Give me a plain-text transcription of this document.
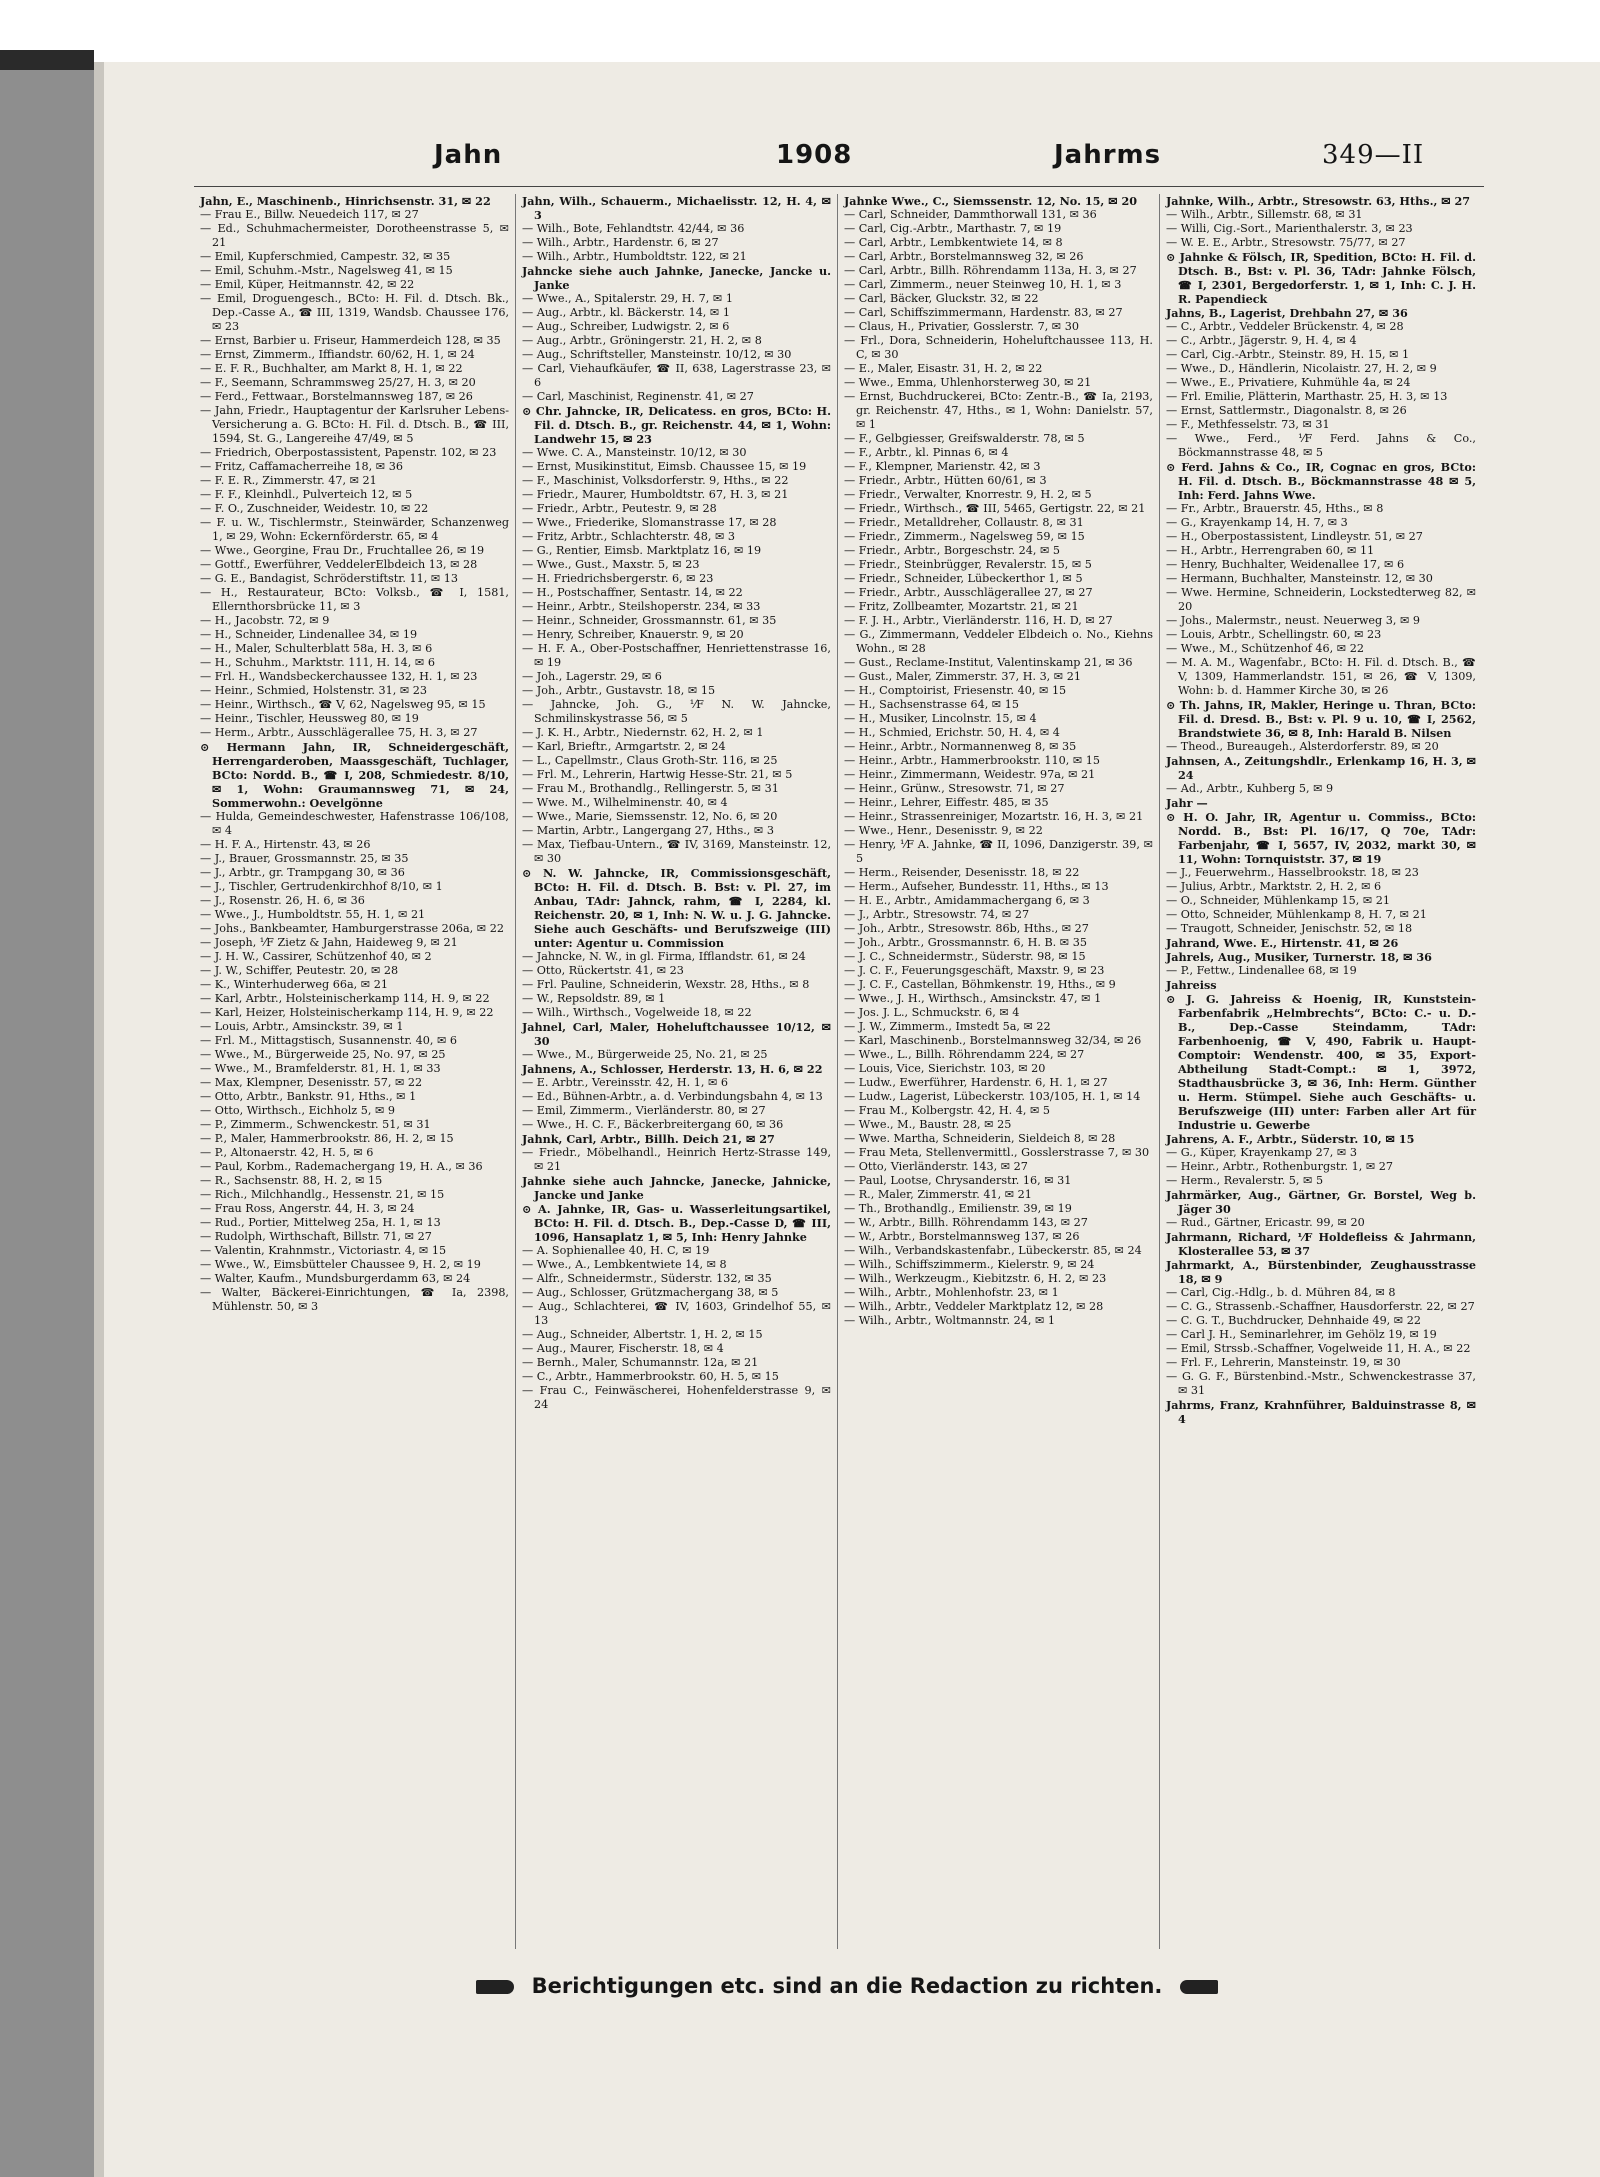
Jahn	1908	Jahrms	349—II

Jahn, E., Maschinenb., Hinrichsenstr. 31, ✉ 22

— Frau E., Billw. Neuedeich 117, ✉ 27

— Ed., Schuhmachermeister, Dorotheenstrasse 5, ✉ 21

— Emil, Kupferschmied, Campestr. 32, ✉ 35

— Emil, Schuhm.-Mstr., Nagelsweg 41, ✉ 15

— Emil, Küper, Heitmannstr. 42, ✉ 22

— Emil, Droguengesch., BCto: H. Fil. d. Dtsch. Bk., Dep.-Casse A., ☎ III, 1319, Wandsb. Chaussee 176, ✉ 23

— Ernst, Barbier u. Friseur, Hammerdeich 128, ✉ 35

— Ernst, Zimmerm., Iffiandstr. 60/62, H. 1, ✉ 24

— E. F. R., Buchhalter, am Markt 8, H. 1, ✉ 22

— F., Seemann, Schrammsweg 25/27, H. 3, ✉ 20

— Ferd., Fettwaar., Borstelmannsweg 187, ✉ 26

— Jahn, Friedr., Hauptagentur der Karlsruher Lebens-Versicherung a. G. BCto: H. Fil. d. Dtsch. B., ☎ III, 1594, St. G., Langereihe 47/49, ✉ 5

— Friedrich, Oberpostassistent, Papenstr. 102, ✉ 23

— Fritz, Caffamacherreihe 18, ✉ 36

— F. E. R., Zimmerstr. 47, ✉ 21

— F. F., Kleinhdl., Pulverteich 12, ✉ 5

— F. O., Zuschneider, Weidestr. 10, ✉ 22

— F. u. W., Tischlermstr., Steinwärder, Schanzenweg 1, ✉ 29, Wohn: Eckernförderstr. 65, ✉ 4

— Wwe., Georgine, Frau Dr., Fruchtallee 26, ✉ 19

— Gottf., Ewerführer, VeddelerElbdeich 13, ✉ 28

— G. E., Bandagist, Schröderstiftstr. 11, ✉ 13

— H., Restaurateur, BCto: Volksb., ☎ I, 1581, Ellernthorsbrücke 11, ✉ 3

— H., Jacobstr. 72, ✉ 9

— H., Schneider, Lindenallee 34, ✉ 19

— H., Maler, Schulterblatt 58a, H. 3, ✉ 6

— H., Schuhm., Marktstr. 111, H. 14, ✉ 6

— Frl. H., Wandsbeckerchaussee 132, H. 1, ✉ 23

— Heinr., Schmied, Holstenstr. 31, ✉ 23

— Heinr., Wirthsch., ☎ V, 62, Nagelsweg 95, ✉ 15

— Heinr., Tischler, Heussweg 80, ✉ 19

— Herm., Arbtr., Ausschlägerallee 75, H. 3, ✉ 27

⊙ Hermann Jahn, IR, Schneidergeschäft, Herrengarderoben, Maassgeschäft, Tuchlager, BCto: Nordd. B., ☎ I, 208, Schmiedestr. 8/10, ✉ 1, Wohn: Graumannsweg 71, ✉ 24, Sommerwohn.: Oevelgönne

— Hulda, Gemeindeschwester, Hafenstrasse 106/108, ✉ 4

— H. F. A., Hirtenstr. 43, ✉ 26

— J., Brauer, Grossmannstr. 25, ✉ 35

— J., Arbtr., gr. Trampgang 30, ✉ 36

— J., Tischler, Gertrudenkirchhof 8/10, ✉ 1

— J., Rosenstr. 26, H. 6, ✉ 36

— Wwe., J., Humboldtstr. 55, H. 1, ✉ 21

— Johs., Bankbeamter, Hamburgerstrasse 206a, ✉ 22

— Joseph, ⅟F Zietz & Jahn, Haideweg 9, ✉ 21

— J. H. W., Cassirer, Schützenhof 40, ✉ 2

— J. W., Schiffer, Peutestr. 20, ✉ 28

— K., Winterhuderweg 66a, ✉ 21

— Karl, Arbtr., Holsteinischerkamp 114, H. 9, ✉ 22

— Karl, Heizer, Holsteinischerkamp 114, H. 9, ✉ 22

— Louis, Arbtr., Amsinckstr. 39, ✉ 1

— Frl. M., Mittagstisch, Susannenstr. 40, ✉ 6

— Wwe., M., Bürgerweide 25, No. 97, ✉ 25

— Wwe., M., Bramfelderstr. 81, H. 1, ✉ 33

— Max, Klempner, Desenisstr. 57, ✉ 22

— Otto, Arbtr., Bankstr. 91, Hths., ✉ 1

— Otto, Wirthsch., Eichholz 5, ✉ 9

— P., Zimmerm., Schwenckestr. 51, ✉ 31

— P., Maler, Hammerbrookstr. 86, H. 2, ✉ 15

— P., Altonaerstr. 42, H. 5, ✉ 6

— Paul, Korbm., Rademachergang 19, H. A., ✉ 36

— R., Sachsenstr. 88, H. 2, ✉ 15

— Rich., Milchhandlg., Hessenstr. 21, ✉ 15

— Frau Ross, Angerstr. 44, H. 3, ✉ 24

— Rud., Portier, Mittelweg 25a, H. 1, ✉ 13

— Rudolph, Wirthschaft, Billstr. 71, ✉ 27

— Valentin, Krahnmstr., Victoriastr. 4, ✉ 15

— Wwe., W., Eimsbütteler Chaussee 9, H. 2, ✉ 19

— Walter, Kaufm., Mundsburgerdamm 63, ✉ 24

— Walter, Bäckerei-Einrichtungen, ☎ Ia, 2398, Mühlenstr. 50, ✉ 3

Jahn, Wilh., Schauerm., Michaelisstr. 12, H. 4, ✉ 3

— Wilh., Bote, Fehlandtstr. 42/44, ✉ 36

— Wilh., Arbtr., Hardenstr. 6, ✉ 27

— Wilh., Arbtr., Humboldtstr. 122, ✉ 21

Jahncke siehe auch Jahnke, Janecke, Jancke u. Janke

— Wwe., A., Spitalerstr. 29, H. 7, ✉ 1

— Aug., Arbtr., kl. Bäckerstr. 14, ✉ 1

— Aug., Schreiber, Ludwigstr. 2, ✉ 6

— Aug., Arbtr., Gröningerstr. 21, H. 2, ✉ 8

— Aug., Schriftsteller, Mansteinstr. 10/12, ✉ 30

— Carl, Viehaufkäufer, ☎ II, 638, Lagerstrasse 23, ✉ 6

— Carl, Maschinist, Reginenstr. 41, ✉ 27

⊙ Chr. Jahncke, IR, Delicatess. en gros, BCto: H. Fil. d. Dtsch. B., gr. Reichenstr. 44, ✉ 1, Wohn: Landwehr 15, ✉ 23

— Wwe. C. A., Mansteinstr. 10/12, ✉ 30

— Ernst, Musikinstitut, Eimsb. Chaussee 15, ✉ 19

— F., Maschinist, Volksdorferstr. 9, Hths., ✉ 22

— Friedr., Maurer, Humboldtstr. 67, H. 3, ✉ 21

— Friedr., Arbtr., Peutestr. 9, ✉ 28

— Wwe., Friederike, Slomanstrasse 17, ✉ 28

— Fritz, Arbtr., Schlachterstr. 48, ✉ 3

— G., Rentier, Eimsb. Marktplatz 16, ✉ 19

— Wwe., Gust., Maxstr. 5, ✉ 23

— H. Friedrichsbergerstr. 6, ✉ 23

— H., Postschaffner, Sentastr. 14, ✉ 22

— Heinr., Arbtr., Steilshoperstr. 234, ✉ 33

— Heinr., Schneider, Grossmannstr. 61, ✉ 35

— Henry, Schreiber, Knauerstr. 9, ✉ 20

— H. F. A., Ober-Postschaffner, Henriettenstrasse 16, ✉ 19

— Joh., Lagerstr. 29, ✉ 6

— Joh., Arbtr., Gustavstr. 18, ✉ 15

— Jahncke, Joh. G., ⅟F N. W. Jahncke, Schmilinskystrasse 56, ✉ 5

— J. K. H., Arbtr., Niedernstr. 62, H. 2, ✉ 1

— Karl, Brieftr., Armgartstr. 2, ✉ 24

— L., Capellmstr., Claus Groth-Str. 116, ✉ 25

— Frl. M., Lehrerin, Hartwig Hesse-Str. 21, ✉ 5

— Frau M., Brothandlg., Rellingerstr. 5, ✉ 31

— Wwe. M., Wilhelminenstr. 40, ✉ 4

— Wwe., Marie, Siemssenstr. 12, No. 6, ✉ 20

— Martin, Arbtr., Langergang 27, Hths., ✉ 3

— Max, Tiefbau-Untern., ☎ IV, 3169, Mansteinstr. 12, ✉ 30

⊙ N. W. Jahncke, IR, Commissionsgeschäft, BCto: H. Fil. d. Dtsch. B. Bst: v. Pl. 27, im Anbau, TAdr: Jahnck, rahm, ☎ I, 2284, kl. Reichenstr. 20, ✉ 1, Inh: N. W. u. J. G. Jahncke. Siehe auch Geschäfts- und Berufszweige (III) unter: Agentur u. Commission

— Jahncke, N. W., in gl. Firma, Ifflandstr. 61, ✉ 24

— Otto, Rückertstr. 41, ✉ 23

— Frl. Pauline, Schneiderin, Wexstr. 28, Hths., ✉ 8

— W., Repsoldstr. 89, ✉ 1

— Wilh., Wirthsch., Vogelweide 18, ✉ 22

Jahnel, Carl, Maler, Hoheluftchaussee 10/12, ✉ 30

— Wwe., M., Bürgerweide 25, No. 21, ✉ 25

Jahnens, A., Schlosser, Herderstr. 13, H. 6, ✉ 22

— E. Arbtr., Vereinsstr. 42, H. 1, ✉ 6

— Ed., Bühnen-Arbtr., a. d. Verbindungsbahn 4, ✉ 13

— Emil, Zimmerm., Vierländerstr. 80, ✉ 27

— Wwe., H. C. F., Bäckerbreitergang 60, ✉ 36

Jahnk, Carl, Arbtr., Billh. Deich 21, ✉ 27

— Friedr., Möbelhandl., Heinrich Hertz-Strasse 149, ✉ 21

Jahnke siehe auch Jahncke, Janecke, Jahnicke, Jancke und Janke

⊙ A. Jahnke, IR, Gas- u. Wasserleitungsartikel, BCto: H. Fil. d. Dtsch. B., Dep.-Casse D, ☎ III, 1096, Hansaplatz 1, ✉ 5, Inh: Henry Jahnke

— A. Sophienallee 40, H. C, ✉ 19

— Wwe., A., Lembkentwiete 14, ✉ 8

— Alfr., Schneidermstr., Süderstr. 132, ✉ 35

— Aug., Schlosser, Grützmachergang 38, ✉ 5

— Aug., Schlachterei, ☎ IV, 1603, Grindelhof 55, ✉ 13

— Aug., Schneider, Albertstr. 1, H. 2, ✉ 15

— Aug., Maurer, Fischerstr. 18, ✉ 4

— Bernh., Maler, Schumannstr. 12a, ✉ 21

— C., Arbtr., Hammerbrookstr. 60, H. 5, ✉ 15

— Frau C., Feinwäscherei, Hohenfelderstrasse 9, ✉ 24

Jahnke Wwe., C., Siemssenstr. 12, No. 15, ✉ 20

— Carl, Schneider, Dammthorwall 131, ✉ 36

— Carl, Cig.-Arbtr., Marthastr. 7, ✉ 19

— Carl, Arbtr., Lembkentwiete 14, ✉ 8

— Carl, Arbtr., Borstelmannsweg 32, ✉ 26

— Carl, Arbtr., Billh. Röhrendamm 113a, H. 3, ✉ 27

— Carl, Zimmerm., neuer Steinweg 10, H. 1, ✉ 3

— Carl, Bäcker, Gluckstr. 32, ✉ 22

— Carl, Schiffszimmermann, Hardenstr. 83, ✉ 27

— Claus, H., Privatier, Gosslerstr. 7, ✉ 30

— Frl., Dora, Schneiderin, Hoheluftchaussee 113, H. C, ✉ 30

— E., Maler, Eisastr. 31, H. 2, ✉ 22

— Wwe., Emma, Uhlenhorsterweg 30, ✉ 21

— Ernst, Buchdruckerei, BCto: Zentr.-B., ☎ Ia, 2193, gr. Reichenstr. 47, Hths., ✉ 1, Wohn: Danielstr. 57, ✉ 1

— F., Gelbgiesser, Greifswalderstr. 78, ✉ 5

— F., Arbtr., kl. Pinnas 6, ✉ 4

— F., Klempner, Marienstr. 42, ✉ 3

— Friedr., Arbtr., Hütten 60/61, ✉ 3

— Friedr., Verwalter, Knorrestr. 9, H. 2, ✉ 5

— Friedr., Wirthsch., ☎ III, 5465, Gertigstr. 22, ✉ 21

— Friedr., Metalldreher, Collaustr. 8, ✉ 31

— Friedr., Zimmerm., Nagelsweg 59, ✉ 15

— Friedr., Arbtr., Borgeschstr. 24, ✉ 5

— Friedr., Steinbrügger, Revalerstr. 15, ✉ 5

— Friedr., Schneider, Lübeckerthor 1, ✉ 5

— Friedr., Arbtr., Ausschlägerallee 27, ✉ 27

— Fritz, Zollbeamter, Mozartstr. 21, ✉ 21

— F. J. H., Arbtr., Vierländerstr. 116, H. D, ✉ 27

— G., Zimmermann, Veddeler Elbdeich o. No., Kiehns Wohn., ✉ 28

— Gust., Reclame-Institut, Valentinskamp 21, ✉ 36

— Gust., Maler, Zimmerstr. 37, H. 3, ✉ 21

— H., Comptoirist, Friesenstr. 40, ✉ 15

— H., Sachsenstrasse 64, ✉ 15

— H., Musiker, Lincolnstr. 15, ✉ 4

— H., Schmied, Erichstr. 50, H. 4, ✉ 4

— Heinr., Arbtr., Normannenweg 8, ✉ 35

— Heinr., Arbtr., Hammerbrookstr. 110, ✉ 15

— Heinr., Zimmermann, Weidestr. 97a, ✉ 21

— Heinr., Grünw., Stresowstr. 71, ✉ 27

— Heinr., Lehrer, Eiffestr. 485, ✉ 35

— Heinr., Strassenreiniger, Mozartstr. 16, H. 3, ✉ 21

— Wwe., Henr., Desenisstr. 9, ✉ 22

— Henry, ⅟F A. Jahnke, ☎ II, 1096, Danzigerstr. 39, ✉ 5

— Herm., Reisender, Desenisstr. 18, ✉ 22

— Herm., Aufseher, Bundesstr. 11, Hths., ✉ 13

— H. E., Arbtr., Amidammachergang 6, ✉ 3

— J., Arbtr., Stresowstr. 74, ✉ 27

— Joh., Arbtr., Stresowstr. 86b, Hths., ✉ 27

— Joh., Arbtr., Grossmannstr. 6, H. B. ✉ 35

— J. C., Schneidermstr., Süderstr. 98, ✉ 15

— J. C. F., Feuerungsgeschäft, Maxstr. 9, ✉ 23

— J. C. F., Castellan, Böhmkenstr. 19, Hths., ✉ 9

— Wwe., J. H., Wirthsch., Amsinckstr. 47, ✉ 1

— Jos. J. L., Schmuckstr. 6, ✉ 4

— J. W., Zimmerm., Imstedt 5a, ✉ 22

— Karl, Maschinenb., Borstelmannsweg 32/34, ✉ 26

— Wwe., L., Billh. Röhrendamm 224, ✉ 27

— Louis, Vice, Sierichstr. 103, ✉ 20

— Ludw., Ewerführer, Hardenstr. 6, H. 1, ✉ 27

— Ludw., Lagerist, Lübeckerstr. 103/105, H. 1, ✉ 14

— Frau M., Kolbergstr. 42, H. 4, ✉ 5

— Wwe., M., Baustr. 28, ✉ 25

— Wwe. Martha, Schneiderin, Sieldeich 8, ✉ 28

— Frau Meta, Stellenvermittl., Gosslerstrasse 7, ✉ 30

— Otto, Vierländerstr. 143, ✉ 27

— Paul, Lootse, Chrysanderstr. 16, ✉ 31

— R., Maler, Zimmerstr. 41, ✉ 21

— Th., Brothandlg., Emilienstr. 39, ✉ 19

— W., Arbtr., Billh. Röhrendamm 143, ✉ 27

— W., Arbtr., Borstelmannsweg 137, ✉ 26

— Wilh., Verbandskastenfabr., Lübeckerstr. 85, ✉ 24

— Wilh., Schiffszimmerm., Kielerstr. 9, ✉ 24

— Wilh., Werkzeugm., Kiebitzstr. 6, H. 2, ✉ 23

— Wilh., Arbtr., Mohlenhofstr. 23, ✉ 1

— Wilh., Arbtr., Veddeler Marktplatz 12, ✉ 28

— Wilh., Arbtr., Woltmannstr. 24, ✉ 1

Jahnke, Wilh., Arbtr., Stresowstr. 63, Hths., ✉ 27

— Wilh., Arbtr., Sillemstr. 68, ✉ 31

— Willi, Cig.-Sort., Marienthalerstr. 3, ✉ 23

— W. E. E., Arbtr., Stresowstr. 75/77, ✉ 27

⊙ Jahnke & Fölsch, IR, Spedition, BCto: H. Fil. d. Dtsch. B., Bst: v. Pl. 36, TAdr: Jahnke Fölsch, ☎ I, 2301, Bergedorferstr. 1, ✉ 1, Inh: C. J. H. R. Papendieck

Jahns, B., Lagerist, Drehbahn 27, ✉ 36

— C., Arbtr., Veddeler Brückenstr. 4, ✉ 28

— C., Arbtr., Jägerstr. 9, H. 4, ✉ 4

— Carl, Cig.-Arbtr., Steinstr. 89, H. 15, ✉ 1

— Wwe., D., Händlerin, Nicolaistr. 27, H. 2, ✉ 9

— Wwe., E., Privatiere, Kuhmühle 4a, ✉ 24

— Frl. Emilie, Plätterin, Marthastr. 25, H. 3, ✉ 13

— Ernst, Sattlermstr., Diagonalstr. 8, ✉ 26

— F., Methfesselstr. 73, ✉ 31

— Wwe., Ferd., ⅟F Ferd. Jahns & Co., Böckmannstrasse 48, ✉ 5

⊙ Ferd. Jahns & Co., IR, Cognac en gros, BCto: H. Fil. d. Dtsch. B., Böckmannstrasse 48 ✉ 5, Inh: Ferd. Jahns Wwe.

— Fr., Arbtr., Brauerstr. 45, Hths., ✉ 8

— G., Krayenkamp 14, H. 7, ✉ 3

— H., Oberpostassistent, Lindleystr. 51, ✉ 27

— H., Arbtr., Herrengraben 60, ✉ 11

— Henry, Buchhalter, Weidenallee 17, ✉ 6

— Hermann, Buchhalter, Mansteinstr. 12, ✉ 30

— Wwe. Hermine, Schneiderin, Lockstedterweg 82, ✉ 20

— Johs., Malermstr., neust. Neuerweg 3, ✉ 9

— Louis, Arbtr., Schellingstr. 60, ✉ 23

— Wwe., M., Schützenhof 46, ✉ 22

— M. A. M., Wagenfabr., BCto: H. Fil. d. Dtsch. B., ☎ V, 1309, Hammerlandstr. 151, ✉ 26, ☎ V, 1309, Wohn: b. d. Hammer Kirche 30, ✉ 26

⊙ Th. Jahns, IR, Makler, Heringe u. Thran, BCto: Fil. d. Dresd. B., Bst: v. Pl. 9 u. 10, ☎ I, 2562, Brandstwiete 36, ✉ 8, Inh: Harald B. Nilsen

— Theod., Bureaugeh., Alsterdorferstr. 89, ✉ 20

Jahnsen, A., Zeitungshdlr., Erlenkamp 16, H. 3, ✉ 24

— Ad., Arbtr., Kuhberg 5, ✉ 9

Jahr —

⊙ H. O. Jahr, IR, Agentur u. Commiss., BCto: Nordd. B., Bst: Pl. 16/17, Q 70e, TAdr: Farbenjahr, ☎ I, 5657, IV, 2032, markt 30, ✉ 11, Wohn: Tornquiststr. 37, ✉ 19

— J., Feuerwehrm., Hasselbrookstr. 18, ✉ 23

— Julius, Arbtr., Marktstr. 2, H. 2, ✉ 6

— O., Schneider, Mühlenkamp 15, ✉ 21

— Otto, Schneider, Mühlenkamp 8, H. 7, ✉ 21

— Traugott, Schneider, Jenischstr. 52, ✉ 18

Jahrand, Wwe. E., Hirtenstr. 41, ✉ 26

Jahrels, Aug., Musiker, Turnerstr. 18, ✉ 36

— P., Fettw., Lindenallee 68, ✉ 19

Jahreiss

⊙ J. G. Jahreiss & Hoenig, IR, Kunststein-Farbenfabrik „Helmbrechts“, BCto: C.- u. D.-B., Dep.-Casse Steindamm, TAdr: Farbenhoenig, ☎ V, 490, Fabrik u. Haupt-Comptoir: Wendenstr. 400, ✉ 35, Export-Abtheilung Stadt-Compt.: ✉ 1, 3972, Stadthausbrücke 3, ✉ 36, Inh: Herm. Günther u. Herm. Stümpel. Siehe auch Geschäfts- u. Berufszweige (III) unter: Farben aller Art für Industrie u. Gewerbe

Jahrens, A. F., Arbtr., Süderstr. 10, ✉ 15

— G., Küper, Krayenkamp 27, ✉ 3

— Heinr., Arbtr., Rothenburgstr. 1, ✉ 27

— Herm., Revalerstr. 5, ✉ 5

Jahrmärker, Aug., Gärtner, Gr. Borstel, Weg b. Jäger 30

— Rud., Gärtner, Ericastr. 99, ✉ 20

Jahrmann, Richard, ⅟F Holdefleiss & Jahrmann, Klosterallee 53, ✉ 37

Jahrmarkt, A., Bürstenbinder, Zeughausstrasse 18, ✉ 9

— Carl, Cig.-Hdlg., b. d. Mühren 84, ✉ 8

— C. G., Strassenb.-Schaffner, Hausdorferstr. 22, ✉ 27

— C. G. T., Buchdrucker, Dehnhaide 49, ✉ 22

— Carl J. H., Seminarlehrer, im Gehölz 19, ✉ 19

— Emil, Strssb.-Schaffner, Vogelweide 11, H. A., ✉ 22

— Frl. F., Lehrerin, Mansteinstr. 19, ✉ 30

— G. G. F., Bürstenbind.-Mstr., Schwenckestrasse 37, ✉ 31

Jahrms, Franz, Krahnführer, Balduinstrasse 8, ✉ 4

Berichtigungen etc. sind an die Redaction zu richten.
